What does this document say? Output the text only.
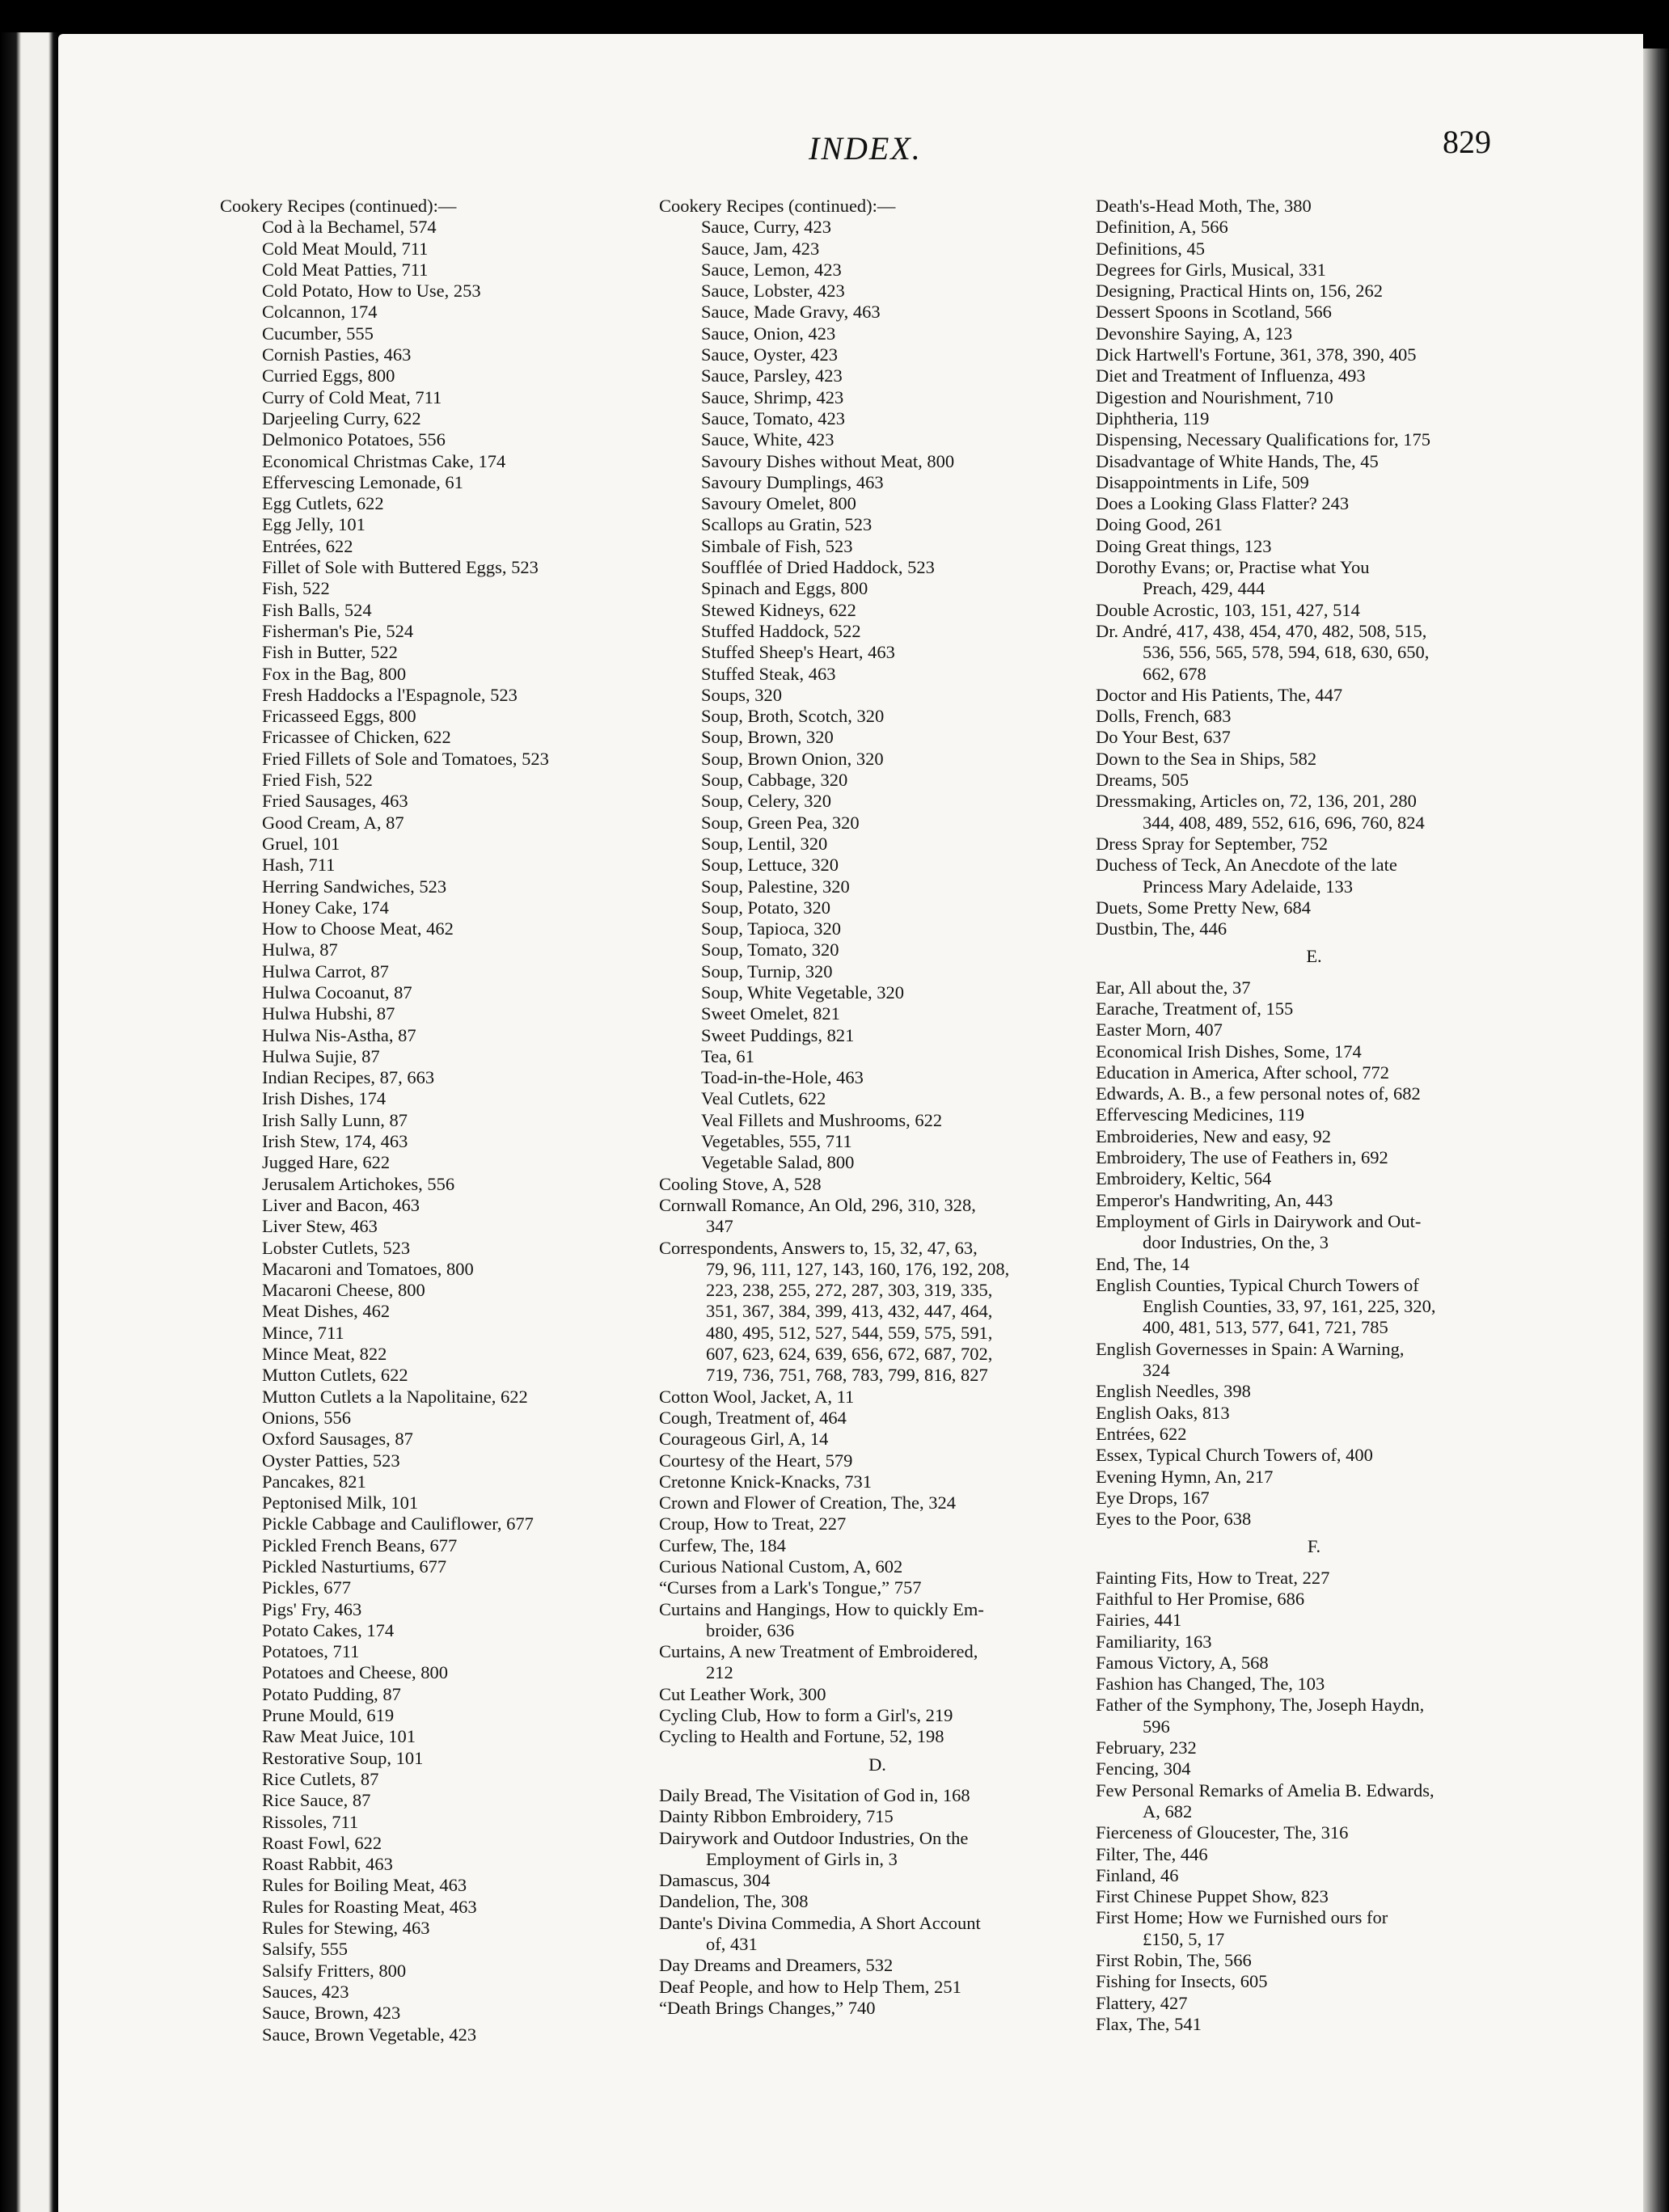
INDEX.	829
Cookery Recipes (continued):—
Cod à la Bechamel, 574
Cold Meat Mould, 711
Cold Meat Patties, 711
Cold Potato, How to Use, 253
Colcannon, 174
Cucumber, 555
Cornish Pasties, 463
Curried Eggs, 800
Curry of Cold Meat, 711
Darjeeling Curry, 622
Delmonico Potatoes, 556
Economical Christmas Cake, 174
Effervescing Lemonade, 61
Egg Cutlets, 622
Egg Jelly, 101
Entrées, 622
Fillet of Sole with Buttered Eggs, 523
Fish, 522
Fish Balls, 524
Fisherman's Pie, 524
Fish in Butter, 522
Fox in the Bag, 800
Fresh Haddocks a l'Espagnole, 523
Fricasseed Eggs, 800
Fricassee of Chicken, 622
Fried Fillets of Sole and Tomatoes, 523
Fried Fish, 522
Fried Sausages, 463
Good Cream, A, 87
Gruel, 101
Hash, 711
Herring Sandwiches, 523
Honey Cake, 174
How to Choose Meat, 462
Hulwa, 87
Hulwa Carrot, 87
Hulwa Cocoanut, 87
Hulwa Hubshi, 87
Hulwa Nis-Astha, 87
Hulwa Sujie, 87
Indian Recipes, 87, 663
Irish Dishes, 174
Irish Sally Lunn, 87
Irish Stew, 174, 463
Jugged Hare, 622
Jerusalem Artichokes, 556
Liver and Bacon, 463
Liver Stew, 463
Lobster Cutlets, 523
Macaroni and Tomatoes, 800
Macaroni Cheese, 800
Meat Dishes, 462
Mince, 711
Mince Meat, 822
Mutton Cutlets, 622
Mutton Cutlets a la Napolitaine, 622
Onions, 556
Oxford Sausages, 87
Oyster Patties, 523
Pancakes, 821
Peptonised Milk, 101
Pickle Cabbage and Cauliflower, 677
Pickled French Beans, 677
Pickled Nasturtiums, 677
Pickles, 677
Pigs' Fry, 463
Potato Cakes, 174
Potatoes, 711
Potatoes and Cheese, 800
Potato Pudding, 87
Prune Mould, 619
Raw Meat Juice, 101
Restorative Soup, 101
Rice Cutlets, 87
Rice Sauce, 87
Rissoles, 711
Roast Fowl, 622
Roast Rabbit, 463
Rules for Boiling Meat, 463
Rules for Roasting Meat, 463
Rules for Stewing, 463
Salsify, 555
Salsify Fritters, 800
Sauces, 423
Sauce, Brown, 423
Sauce, Brown Vegetable, 423
Cookery Recipes (continued):—
Sauce, Curry, 423
Sauce, Jam, 423
Sauce, Lemon, 423
Sauce, Lobster, 423
Sauce, Made Gravy, 463
Sauce, Onion, 423
Sauce, Oyster, 423
Sauce, Parsley, 423
Sauce, Shrimp, 423
Sauce, Tomato, 423
Sauce, White, 423
Savoury Dishes without Meat, 800
Savoury Dumplings, 463
Savoury Omelet, 800
Scallops au Gratin, 523
Simbale of Fish, 523
Soufflée of Dried Haddock, 523
Spinach and Eggs, 800
Stewed Kidneys, 622
Stuffed Haddock, 522
Stuffed Sheep's Heart, 463
Stuffed Steak, 463
Soups, 320
Soup, Broth, Scotch, 320
Soup, Brown, 320
Soup, Brown Onion, 320
Soup, Cabbage, 320
Soup, Celery, 320
Soup, Green Pea, 320
Soup, Lentil, 320
Soup, Lettuce, 320
Soup, Palestine, 320
Soup, Potato, 320
Soup, Tapioca, 320
Soup, Tomato, 320
Soup, Turnip, 320
Soup, White Vegetable, 320
Sweet Omelet, 821
Sweet Puddings, 821
Tea, 61
Toad-in-the-Hole, 463
Veal Cutlets, 622
Veal Fillets and Mushrooms, 622
Vegetables, 555, 711
Vegetable Salad, 800
Cooling Stove, A, 528
Cornwall Romance, An Old, 296, 310, 328,
347
Correspondents, Answers to, 15, 32, 47, 63,
79, 96, 111, 127, 143, 160, 176, 192, 208,
223, 238, 255, 272, 287, 303, 319, 335,
351, 367, 384, 399, 413, 432, 447, 464,
480, 495, 512, 527, 544, 559, 575, 591,
607, 623, 624, 639, 656, 672, 687, 702,
719, 736, 751, 768, 783, 799, 816, 827
Cotton Wool, Jacket, A, 11
Cough, Treatment of, 464
Courageous Girl, A, 14
Courtesy of the Heart, 579
Cretonne Knick-Knacks, 731
Crown and Flower of Creation, The, 324
Croup, How to Treat, 227
Curfew, The, 184
Curious National Custom, A, 602
“Curses from a Lark's Tongue,” 757
Curtains and Hangings, How to quickly Em-
broider, 636
Curtains, A new Treatment of Embroidered,
212
Cut Leather Work, 300
Cycling Club, How to form a Girl's, 219
Cycling to Health and Fortune, 52, 198
D.
Daily Bread, The Visitation of God in, 168
Dainty Ribbon Embroidery, 715
Dairywork and Outdoor Industries, On the
Employment of Girls in, 3
Damascus, 304
Dandelion, The, 308
Dante's Divina Commedia, A Short Account
of, 431
Day Dreams and Dreamers, 532
Deaf People, and how to Help Them, 251
“Death Brings Changes,” 740
Death's-Head Moth, The, 380
Definition, A, 566
Definitions, 45
Degrees for Girls, Musical, 331
Designing, Practical Hints on, 156, 262
Dessert Spoons in Scotland, 566
Devonshire Saying, A, 123
Dick Hartwell's Fortune, 361, 378, 390, 405
Diet and Treatment of Influenza, 493
Digestion and Nourishment, 710
Diphtheria, 119
Dispensing, Necessary Qualifications for, 175
Disadvantage of White Hands, The, 45
Disappointments in Life, 509
Does a Looking Glass Flatter? 243
Doing Good, 261
Doing Great things, 123
Dorothy Evans; or, Practise what You
Preach, 429, 444
Double Acrostic, 103, 151, 427, 514
Dr. André, 417, 438, 454, 470, 482, 508, 515,
536, 556, 565, 578, 594, 618, 630, 650,
662, 678
Doctor and His Patients, The, 447
Dolls, French, 683
Do Your Best, 637
Down to the Sea in Ships, 582
Dreams, 505
Dressmaking, Articles on, 72, 136, 201, 280
344, 408, 489, 552, 616, 696, 760, 824
Dress Spray for September, 752
Duchess of Teck, An Anecdote of the late
Princess Mary Adelaide, 133
Duets, Some Pretty New, 684
Dustbin, The, 446
E.
Ear, All about the, 37
Earache, Treatment of, 155
Easter Morn, 407
Economical Irish Dishes, Some, 174
Education in America, After school, 772
Edwards, A. B., a few personal notes of, 682
Effervescing Medicines, 119
Embroideries, New and easy, 92
Embroidery, The use of Feathers in, 692
Embroidery, Keltic, 564
Emperor's Handwriting, An, 443
Employment of Girls in Dairywork and Out-
door Industries, On the, 3
End, The, 14
English Counties, Typical Church Towers of
English Counties, 33, 97, 161, 225, 320,
400, 481, 513, 577, 641, 721, 785
English Governesses in Spain: A Warning,
324
English Needles, 398
English Oaks, 813
Entrées, 622
Essex, Typical Church Towers of, 400
Evening Hymn, An, 217
Eye Drops, 167
Eyes to the Poor, 638
F.
Fainting Fits, How to Treat, 227
Faithful to Her Promise, 686
Fairies, 441
Familiarity, 163
Famous Victory, A, 568
Fashion has Changed, The, 103
Father of the Symphony, The, Joseph Haydn,
596
February, 232
Fencing, 304
Few Personal Remarks of Amelia B. Edwards,
A, 682
Fierceness of Gloucester, The, 316
Filter, The, 446
Finland, 46
First Chinese Puppet Show, 823
First Home; How we Furnished ours for
£150, 5, 17
First Robin, The, 566
Fishing for Insects, 605
Flattery, 427
Flax, The, 541
